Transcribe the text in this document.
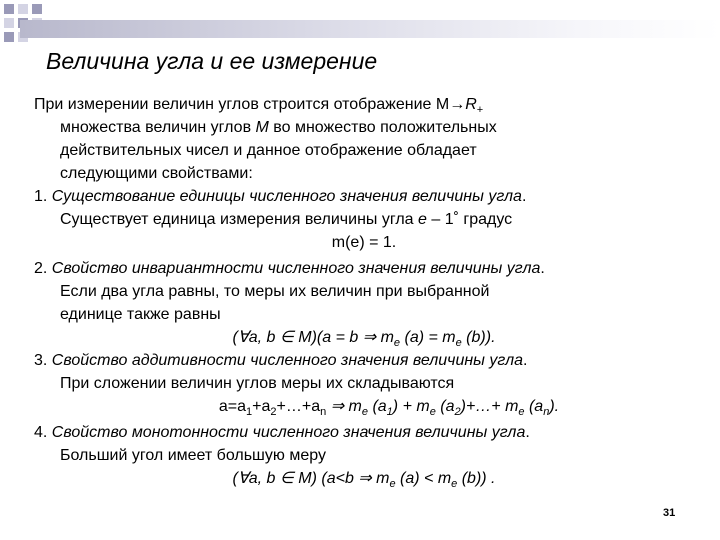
Величина угла и ее измерение
При измерении величин углов строится отображение $M\to R_+$
множества величин углов M во множество положительных
действительных чисел и данное отображение обладает
следующими свойствами:
1. Существование единицы численного значения величины угла.
Существует единица измерения величины угла е – 1˚ градус
m(е) = 1.
2. Свойство инвариантности численного значения величины угла.
Если два угла равны, то меры их величин при выбранной
единице также равны
(∀a, b ∈ M)(a = b ⇒ $m_e$ $(a) = m_e$ (b)).
3. Свойство аддитивности численного значения величины угла.
При сложении величин углов меры их складываются
$a=a_1+a_2+\dots+a_n$ ⇒ $m_e$ $(a_1) + m_e$ $(a_2)+\dots+ m_e$ $(a_n)$.
4. Свойство монотонности численного значения величины угла.
Больший угол имеет большую меру
(∀a, b ∈ M) (a<b ⇒ $m_e$ $(a) < m_e$ (b)) .
31
